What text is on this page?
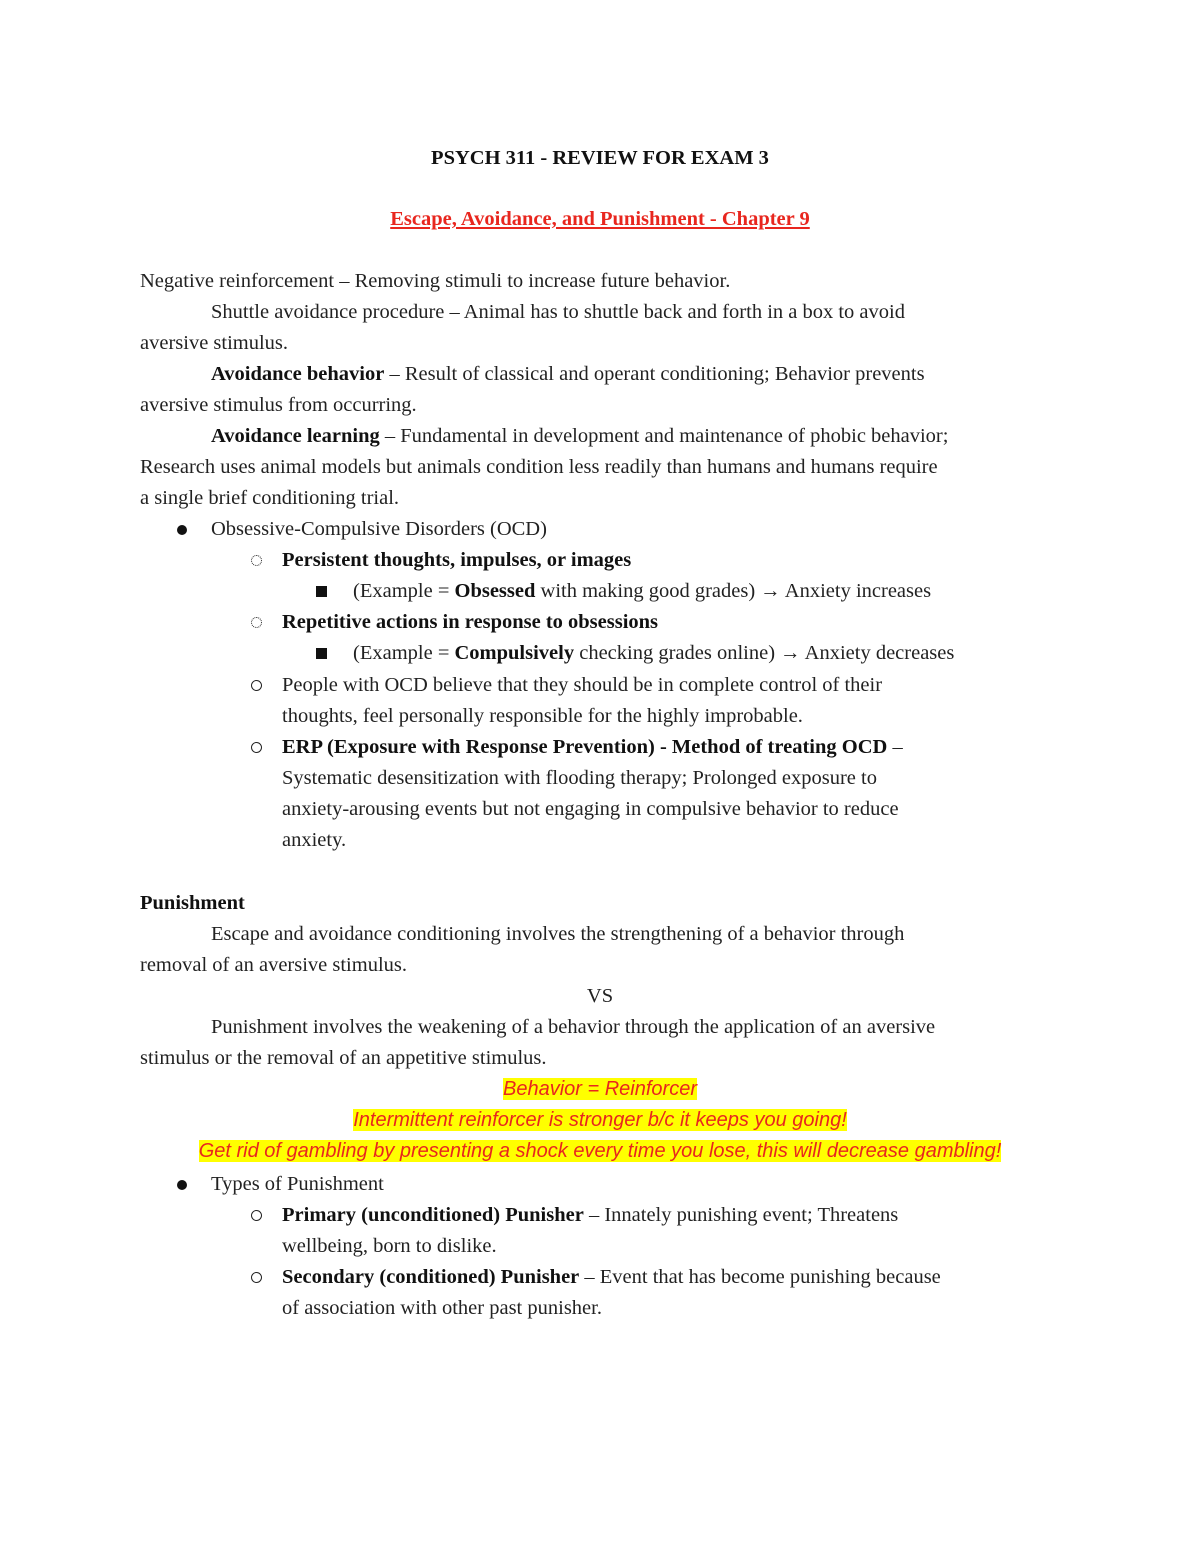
PSYCH 311 - REVIEW FOR EXAM 3
Escape, Avoidance, and Punishment - Chapter 9
Negative reinforcement – Removing stimuli to increase future behavior.
Shuttle avoidance procedure – Animal has to shuttle back and forth in a box to avoid
aversive stimulus.
Avoidance behavior – Result of classical and operant conditioning; Behavior prevents
aversive stimulus from occurring.
Avoidance learning – Fundamental in development and maintenance of phobic behavior;
Research uses animal models but animals condition less readily than humans and humans require
a single brief conditioning trial.
Obsessive-Compulsive Disorders (OCD)
Persistent thoughts, impulses, or images
(Example = Obsessed with making good grades) → Anxiety increases
Repetitive actions in response to obsessions
(Example = Compulsively checking grades online) → Anxiety decreases
People with OCD believe that they should be in complete control of their
thoughts, feel personally responsible for the highly improbable.
ERP (Exposure with Response Prevention) - Method of treating OCD –
Systematic desensitization with flooding therapy; Prolonged exposure to
anxiety-arousing events but not engaging in compulsive behavior to reduce
anxiety.
Punishment
Escape and avoidance conditioning involves the strengthening of a behavior through
removal of an aversive stimulus.
VS
Punishment involves the weakening of a behavior through the application of an aversive
stimulus or the removal of an appetitive stimulus.
Behavior = Reinforcer
Intermittent reinforcer is stronger b/c it keeps you going!
Get rid of gambling by presenting a shock every time you lose, this will decrease gambling!
Types of Punishment
Primary (unconditioned) Punisher – Innately punishing event; Threatens
wellbeing, born to dislike.
Secondary (conditioned) Punisher – Event that has become punishing because
of association with other past punisher.
